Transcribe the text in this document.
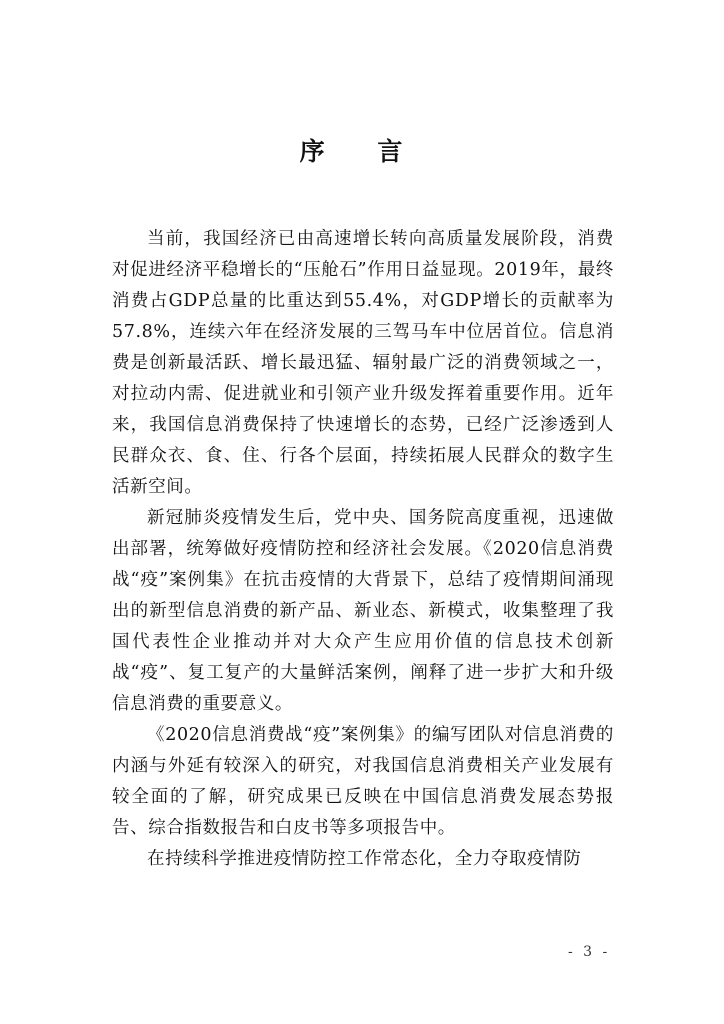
序 言

当前，我国经济已由高速增长转向高质量发展阶段，消费对促进经济平稳增长的“压舱石”作用日益显现。2019年，最终消费占GDP总量的比重达到55.4%，对GDP增长的贡献率为57.8%，连续六年在经济发展的三驾马车中位居首位。信息消费是创新最活跃、增长最迅猛、辐射最广泛的消费领域之一，对拉动内需、促进就业和引领产业升级发挥着重要作用。近年来，我国信息消费保持了快速增长的态势，已经广泛渗透到人民群众衣、食、住、行各个层面，持续拓展人民群众的数字生活新空间。

新冠肺炎疫情发生后，党中央、国务院高度重视，迅速做出部署，统筹做好疫情防控和经济社会发展。《2020信息消费战“疫”案例集》在抗击疫情的大背景下，总结了疫情期间涌现出的新型信息消费的新产品、新业态、新模式，收集整理了我国代表性企业推动并对大众产生应用价值的信息技术创新战“疫”、复工复产的大量鲜活案例，阐释了进一步扩大和升级信息消费的重要意义。

《2020信息消费战“疫”案例集》的编写团队对信息消费的内涵与外延有较深入的研究，对我国信息消费相关产业发展有较全面的了解，研究成果已反映在中国信息消费发展态势报告、综合指数报告和白皮书等多项报告中。

在持续科学推进疫情防控工作常态化，全力夺取疫情防

- 3 -
